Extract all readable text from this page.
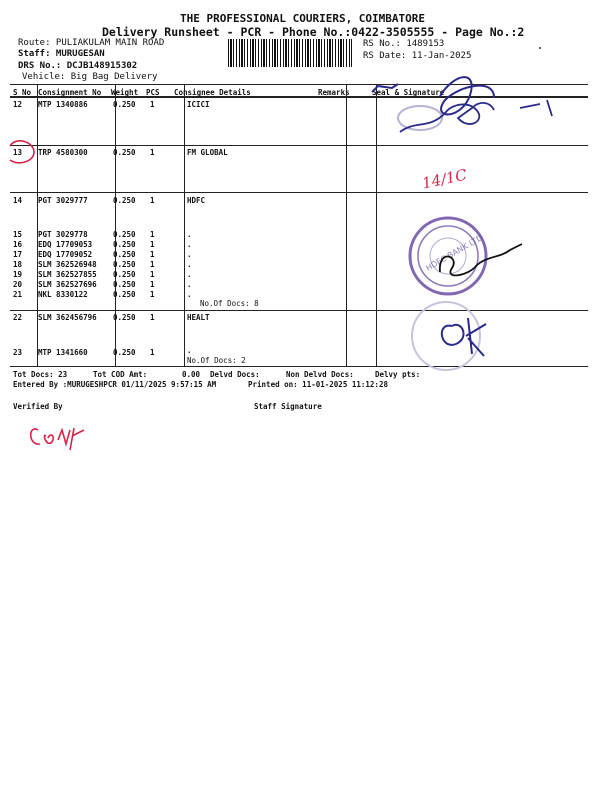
THE PROFESSIONAL COURIERS, COIMBATORE
Delivery Runsheet - PCR - Phone No.:0422-3505555 - Page No.:2
Route: PULIAKULAM MAIN ROAD
Staff: MURUGESAN
DRS No.: DCJB148915302
Vehicle: Big Bag Delivery
RS No.: 1489153
RS Date: 11-Jan-2025
S No Consignment No Weight PCS Consignee Details	Remarks	Seal & Signature
12 MTP 1340886	0.250 1	ICICI
13 TRP 4580300	0.250 1	FM GLOBAL
14 PGT 3029777	0.250 1	HDFC
15 PGT 3029778	0.250 1	.
16 EDQ 17709053	0.250 1	.
17 EDQ 17709052	0.250 1	.
18 SLM 362526948 0.250 1	.
19 SLM 362527855 0.250 1	.
20 SLM 362527696 0.250 1	.
21 NKL 8330122	0.250 1	.
No.Of Docs: 8
22 SLM 362456796 0.250 1	HEALT
23 MTP 1341660	0.250 1	.
No.Of Docs: 2
Tot Docs: 23	Tot COD Amt:	0.00 Delvd Docs:	Non Delvd Docs:	Delvy pts:
Entered By :MURUGESHPCR 01/11/2025 9:57:15 AM	Printed on: 11-01-2025 11:12:28
Verified By	Staff Signature
14/1C
HDFC BANK LTD
